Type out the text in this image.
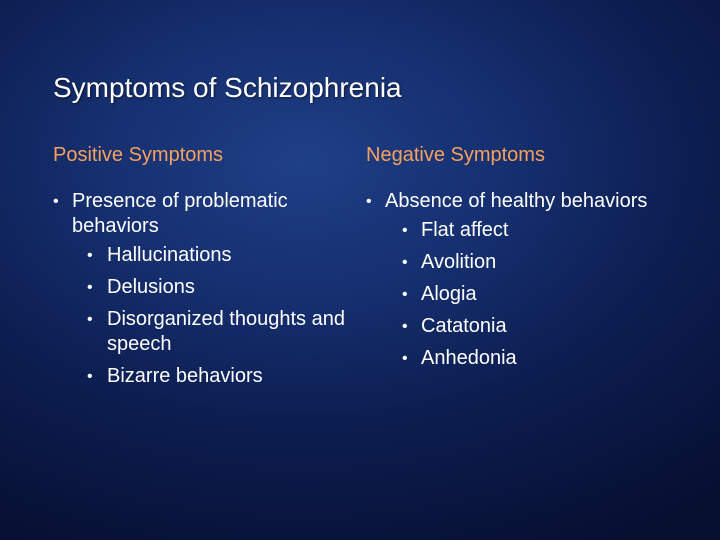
Symptoms of Schizophrenia
Positive Symptoms
• Presence of problematic behaviors
• Hallucinations
• Delusions
• Disorganized thoughts and speech
• Bizarre behaviors
Negative Symptoms
• Absence of healthy behaviors
• Flat affect
• Avolition
• Alogia
• Catatonia
• Anhedonia
